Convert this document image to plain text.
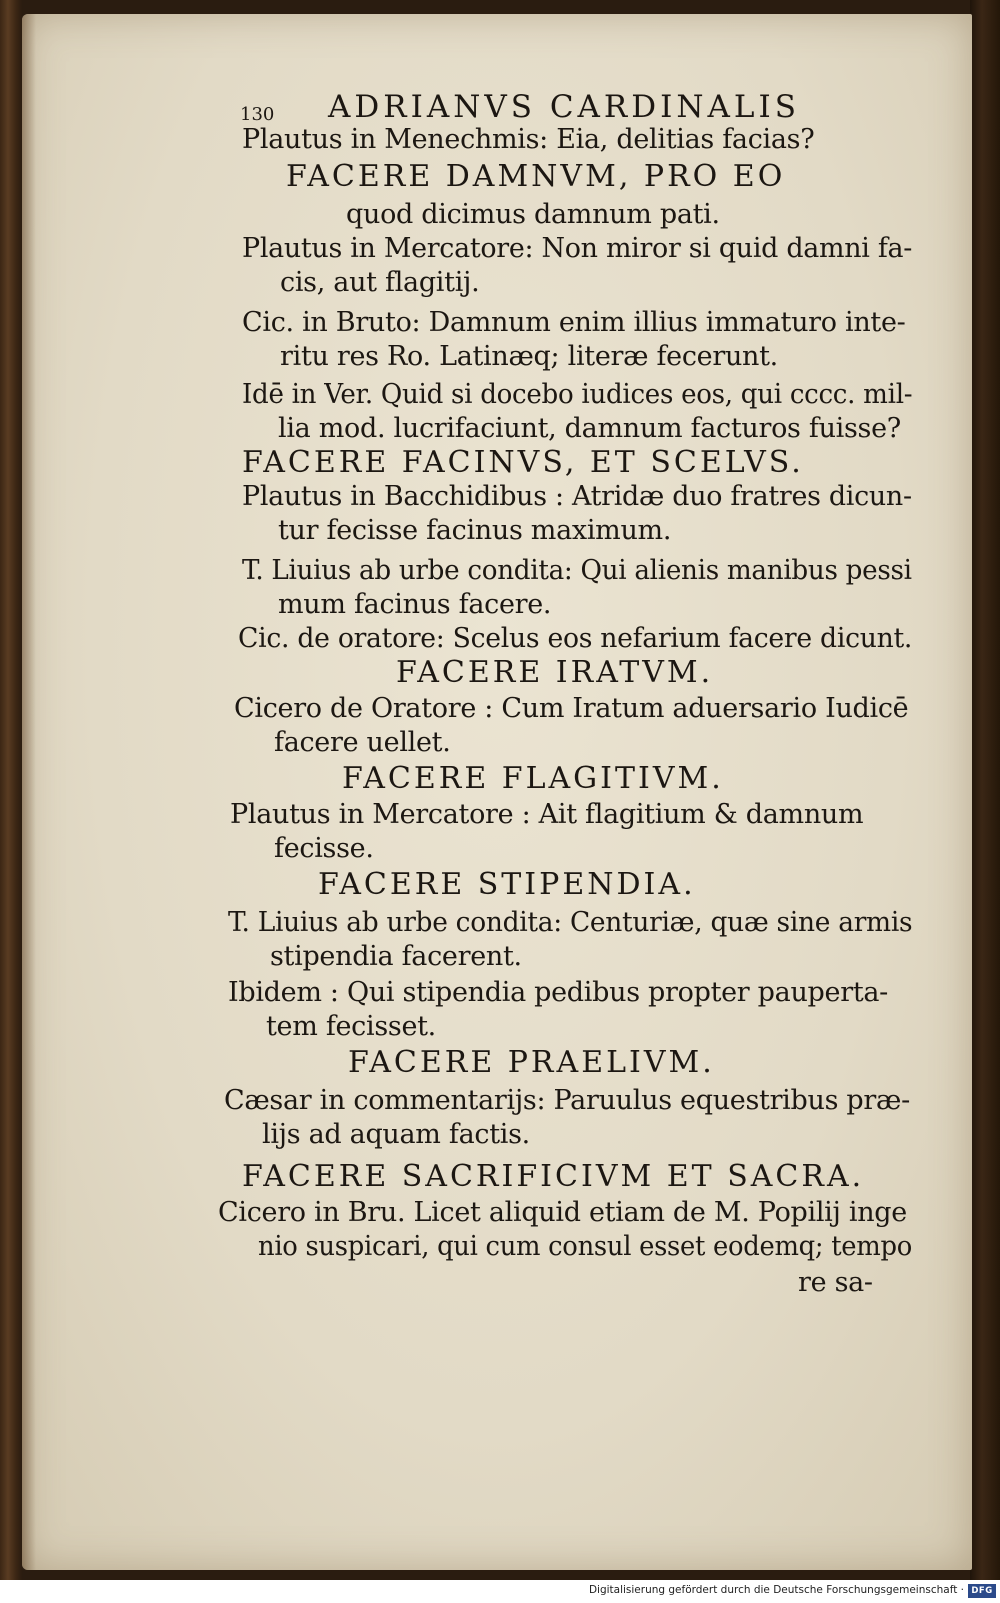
130 ADRIANVS CARDINALIS
Plautus in Menechmis: Eia, delitias facias?
FACERE DAMNVM, PRO EO
quod dicimus damnum pati.
Plautus in Mercatore: Non miror si quid damni fa-
cis, aut flagitij.
Cic. in Bruto: Damnum enim illius immaturo inte-
ritu res Ro. Latinæq; literæ fecerunt.
Idē in Ver. Quid si docebo iudices eos, qui cccc. mil-
lia mod. lucrifaciunt, damnum facturos fuisse?
FACERE FACINVS, ET SCELVS.
Plautus in Bacchidibus : Atridæ duo fratres dicun-
tur fecisse facinus maximum.
T. Liuius ab urbe condita: Qui alienis manibus pessi
mum facinus facere.
Cic. de oratore: Scelus eos nefarium facere dicunt.
FACERE IRATVM.
Cicero de Oratore : Cum Iratum aduersario Iudicē
facere uellet.
FACERE FLAGITIVM.
Plautus in Mercatore : Ait flagitium & damnum
fecisse.
FACERE STIPENDIA.
T. Liuius ab urbe condita: Centuriæ, quæ sine armis
stipendia facerent.
Ibidem : Qui stipendia pedibus propter pauperta-
tem fecisset.
FACERE PRAELIVM.
Cæsar in commentarijs: Paruulus equestribus præ-
lijs ad aquam factis.
FACERE SACRIFICIVM ET SACRA.
Cicero in Bru. Licet aliquid etiam de M. Popilij inge
nio suspicari, qui cum consul esset eodemq; tempo
re sa-
Digitalisierung gefördert durch die Deutsche Forschungsgemeinschaft · DFG
